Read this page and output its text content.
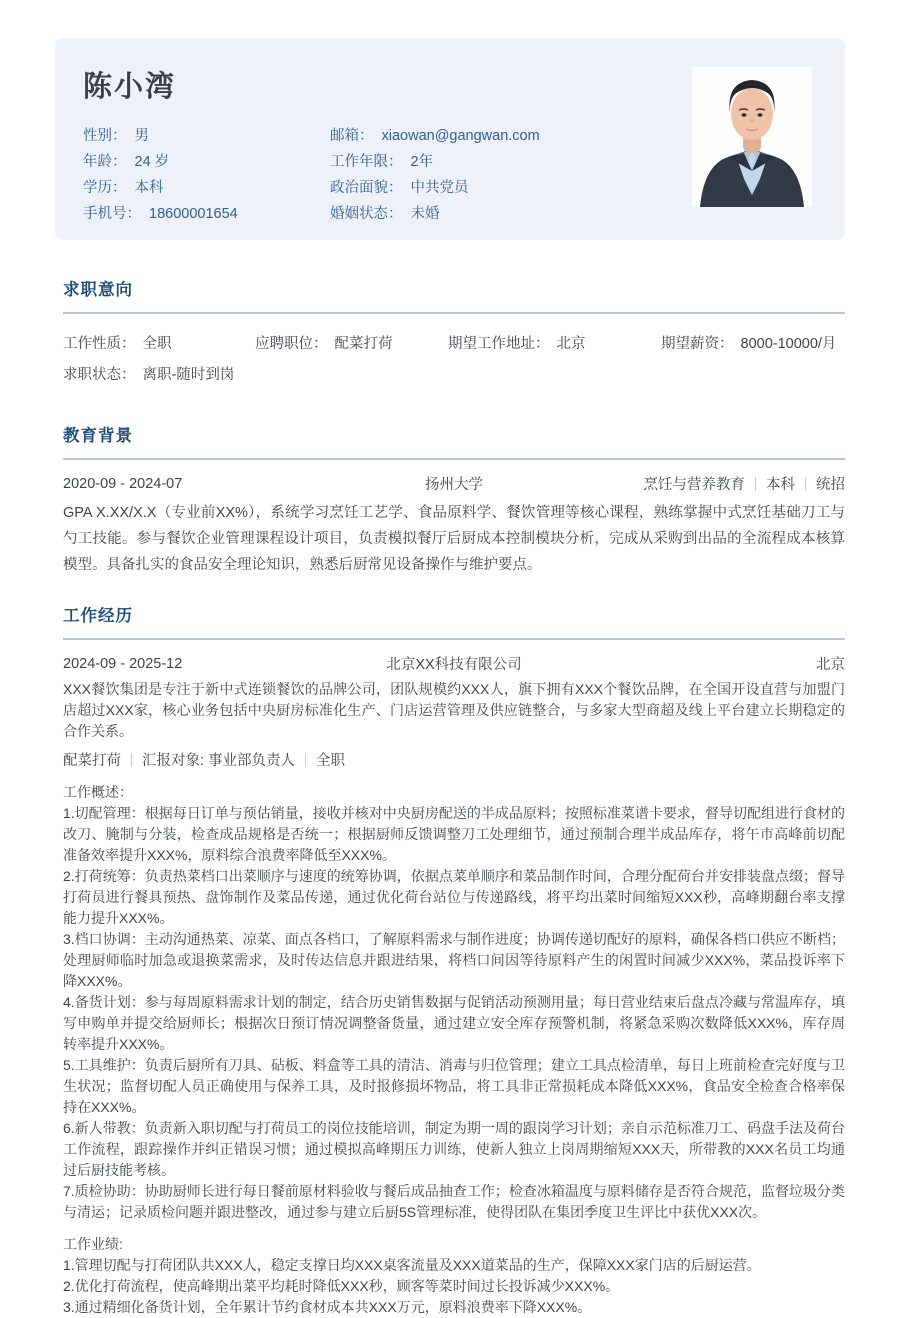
陈小湾
性别： 男
年龄： 24 岁
学历： 本科
手机号： 18600001654
邮箱： xiaowan@gangwan.com
工作年限： 2年
政治面貌： 中共党员
婚姻状态： 未婚
求职意向
工作性质： 全职	应聘职位： 配菜打荷	期望工作地址： 北京	期望薪资： 8000-10000/月
求职状态： 离职-随时到岗
教育背景
2020-09 - 2024-07	扬州大学	烹饪与营养教育 本科 统招
GPA X.XX/X.X（专业前XX%），系统学习烹饪工艺学、食品原料学、餐饮管理等核心课程，熟练掌握中式烹饪基础刀工与勺工技能。参与餐饮企业管理课程设计项目，负责模拟餐厅后厨成本控制模块分析，完成从采购到出品的全流程成本核算模型。具备扎实的食品安全理论知识，熟悉后厨常见设备操作与维护要点。
工作经历
2024-09 - 2025-12	北京XX科技有限公司	北京
XXX餐饮集团是专注于新中式连锁餐饮的品牌公司，团队规模约XXX人，旗下拥有XXX个餐饮品牌，在全国开设直营与加盟门店超过XXX家，核心业务包括中央厨房标准化生产、门店运营管理及供应链整合，与多家大型商超及线上平台建立长期稳定的合作关系。
配菜打荷 汇报对象: 事业部负责人 全职
工作概述：
1.切配管理：根据每日订单与预估销量，接收并核对中央厨房配送的半成品原料；按照标准菜谱卡要求，督导切配组进行食材的改刀、腌制与分装，检查成品规格是否统一；根据厨师反馈调整刀工处理细节，通过预制合理半成品库存，将午市高峰前切配准备效率提升XXX%，原料综合浪费率降低至XXX%。
2.打荷统筹：负责热菜档口出菜顺序与速度的统筹协调，依据点菜单顺序和菜品制作时间，合理分配荷台并安排装盘点缀；督导打荷员进行餐具预热、盘饰制作及菜品传递，通过优化荷台站位与传递路线，将平均出菜时间缩短XXX秒，高峰期翻台率支撑能力提升XXX%。
3.档口协调：主动沟通热菜、凉菜、面点各档口，了解原料需求与制作进度；协调传递切配好的原料，确保各档口供应不断档；处理厨师临时加急或退换菜需求，及时传达信息并跟进结果，将档口间因等待原料产生的闲置时间减少XXX%，菜品投诉率下降XXX%。
4.备货计划：参与每周原料需求计划的制定，结合历史销售数据与促销活动预测用量；每日营业结束后盘点冷藏与常温库存，填写申购单并提交给厨师长；根据次日预订情况调整备货量，通过建立安全库存预警机制，将紧急采购次数降低XXX%，库存周转率提升XXX%。
5.工具维护：负责后厨所有刀具、砧板、料盒等工具的清洁、消毒与归位管理；建立工具点检清单，每日上班前检查完好度与卫生状况；监督切配人员正确使用与保养工具，及时报修损坏物品，将工具非正常损耗成本降低XXX%，食品安全检查合格率保持在XXX%。
6.新人带教：负责新入职切配与打荷员工的岗位技能培训，制定为期一周的跟岗学习计划；亲自示范标准刀工、码盘手法及荷台工作流程，跟踪操作并纠正错误习惯；通过模拟高峰期压力训练，使新人独立上岗周期缩短XXX天，所带教的XXX名员工均通过后厨技能考核。
7.质检协助：协助厨师长进行每日餐前原材料验收与餐后成品抽查工作；检查冰箱温度与原料储存是否符合规范，监督垃圾分类与清运；记录质检问题并跟进整改，通过参与建立后厨5S管理标准，使得团队在集团季度卫生评比中获优XXX次。
工作业绩:
1.管理切配与打荷团队共XXX人，稳定支撑日均XXX桌客流量及XXX道菜品的生产，保障XXX家门店的后厨运营。
2.优化打荷流程，使高峰期出菜平均耗时降低XXX秒，顾客等菜时间过长投诉减少XXX%。
3.通过精细化备货计划，全年累计节约食材成本共XXX万元，原料浪费率下降XXX%。
